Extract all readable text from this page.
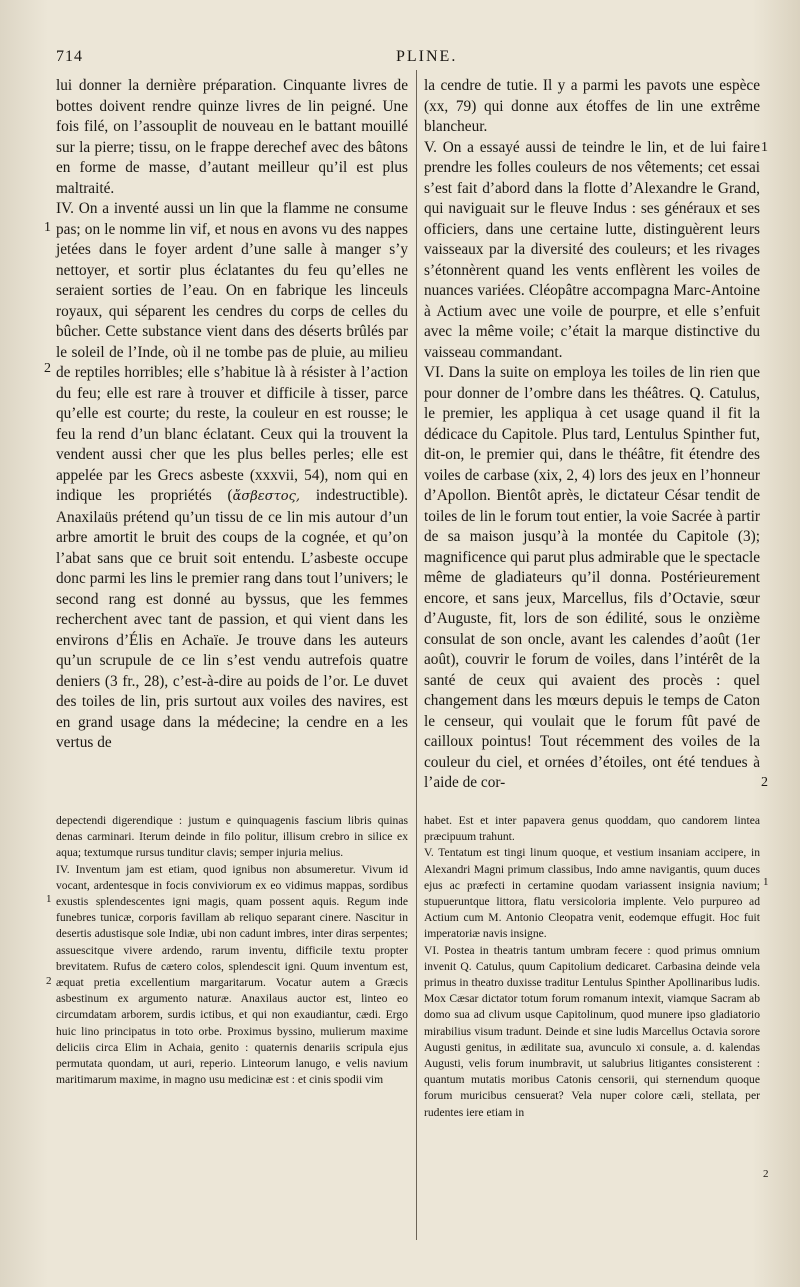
714	PLINE.

lui donner la dernière préparation. Cinquante livres de bottes doivent rendre quinze livres de lin peigné. Une fois filé, on l’assouplit de nouveau en le battant mouillé sur la pierre; tissu, on le frappe derechef avec des bâtons en forme de masse, d’autant meilleur qu’il est plus maltraité.

IV. On a inventé aussi un lin que la flamme ne consume pas; on le nomme lin vif, et nous en avons vu des nappes jetées dans le foyer ardent d’une salle à manger s’y nettoyer, et sortir plus éclatantes du feu qu’elles ne seraient sorties de l’eau. On en fabrique les linceuls royaux, qui séparent les cendres du corps de celles du bûcher. Cette substance vient dans des déserts brûlés par le soleil de l’Inde, où il ne tombe pas de pluie, au milieu de reptiles horribles; elle s’habitue là à résister à l’action du feu; elle est rare à trouver et difficile à tisser, parce qu’elle est courte; du reste, la couleur en est rousse; le feu la rend d’un blanc éclatant. Ceux qui la trouvent la vendent aussi cher que les plus belles perles; elle est appelée par les Grecs asbeste (xxxvii, 54), nom qui en indique les propriétés (ἄσβεστος, indestructible). Anaxilaüs prétend qu’un tissu de ce lin mis autour d’un arbre amortit le bruit des coups de la cognée, et qu’on l’abat sans que ce bruit soit entendu. L’asbeste occupe donc parmi les lins le premier rang dans tout l’univers; le second rang est donné au byssus, que les femmes recherchent avec tant de passion, et qui vient dans les environs d’Élis en Achaïe. Je trouve dans les auteurs qu’un scrupule de ce lin s’est vendu autrefois quatre deniers (3 fr., 28), c’est-à-dire au poids de l’or. Le duvet des toiles de lin, pris surtout aux voiles des navires, est en grand usage dans la médecine; la cendre en a les vertus de

la cendre de tutie. Il y a parmi les pavots une espèce (xx, 79) qui donne aux étoffes de lin une extrême blancheur.

V. On a essayé aussi de teindre le lin, et de lui faire prendre les folles couleurs de nos vêtements; cet essai s’est fait d’abord dans la flotte d’Alexandre le Grand, qui naviguait sur le fleuve Indus : ses généraux et ses officiers, dans une certaine lutte, distinguèrent leurs vaisseaux par la diversité des couleurs; et les rivages s’étonnèrent quand les vents enflèrent les voiles de nuances variées. Cléopâtre accompagna Marc-Antoine à Actium avec une voile de pourpre, et elle s’enfuit avec la même voile; c’était la marque distinctive du vaisseau commandant.

VI. Dans la suite on employa les toiles de lin rien que pour donner de l’ombre dans les théâtres. Q. Catulus, le premier, les appliqua à cet usage quand il fit la dédicace du Capitole. Plus tard, Lentulus Spinther fut, dit-on, le premier qui, dans le théâtre, fit étendre des voiles de carbase (xix, 2, 4) lors des jeux en l’honneur d’Apollon. Bientôt après, le dictateur César tendit de toiles de lin le forum tout entier, la voie Sacrée à partir de sa maison jusqu’à la montée du Capitole (3); magnificence qui parut plus admirable que le spectacle même de gladiateurs qu’il donna. Postérieurement encore, et sans jeux, Marcellus, fils d’Octavie, sœur d’Auguste, fit, lors de son édilité, sous le onzième consulat de son oncle, avant les calendes d’août (1er août), couvrir le forum de voiles, dans l’intérêt de la santé de ceux qui avaient des procès : quel changement dans les mœurs depuis le temps de Caton le censeur, qui voulait que le forum fût pavé de cailloux pointus! Tout récemment des voiles de la couleur du ciel, et ornées d’étoiles, ont été tendues à l’aide de cor-

1
2
1
2

depectendi digerendique : justum e quinquagenis fascium libris quinas denas carminari. Iterum deinde in filo politur, illisum crebro in silice ex aqua; textumque rursus tunditur clavis; semper injuria melius.

IV. Inventum jam est etiam, quod ignibus non absumeretur. Vivum id vocant, ardentesque in focis conviviorum ex eo vidimus mappas, sordibus exustis splendescentes igni magis, quam possent aquis. Regum inde funebres tunicæ, corporis favillam ab reliquo separant cinere. Nascitur in desertis adustisque sole Indiæ, ubi non cadunt imbres, inter diras serpentes; assuescitque vivere ardendo, rarum inventu, difficile textu propter brevitatem. Rufus de cætero colos, splendescit igni. Quum inventum est, æquat pretia excellentium margaritarum. Vocatur autem a Græcis asbestinum ex argumento naturæ. Anaxilaus auctor est, linteo eo circumdatam arborem, surdis ictibus, et qui non exaudiantur, cædi. Ergo huic lino principatus in toto orbe. Proximus byssino, mulierum maxime deliciis circa Elim in Achaia, genito : quaternis denariis scripula ejus permutata quondam, ut auri, reperio. Linteorum lanugo, e velis navium maritimarum maxime, in magno usu medicinæ est : et cinis spodii vim

habet. Est et inter papavera genus quoddam, quo candorem lintea præcipuum trahunt.

V. Tentatum est tingi linum quoque, et vestium insaniam accipere, in Alexandri Magni primum classibus, Indo amne navigantis, quum duces ejus ac præfecti in certamine quodam variassent insignia navium; stupueruntque littora, flatu versicoloria implente. Velo purpureo ad Actium cum M. Antonio Cleopatra venit, eodemque effugit. Hoc fuit imperatoriæ navis insigne.

VI. Postea in theatris tantum umbram fecere : quod primus omnium invenit Q. Catulus, quum Capitolium dedicaret. Carbasina deinde vela primus in theatro duxisse traditur Lentulus Spinther Apollinaribus ludis. Mox Cæsar dictator totum forum romanum intexit, viamque Sacram ab domo sua ad clivum usque Capitolinum, quod munere ipso gladiatorio mirabilius visum tradunt. Deinde et sine ludis Marcellus Octavia sorore Augusti genitus, in ædilitate sua, avunculo xi consule, a. d. kalendas Augusti, velis forum inumbravit, ut salubrius litigantes consisterent : quantum mutatis moribus Catonis censorii, qui sternendum quoque forum muricibus censuerat? Vela nuper colore cæli, stellata, per rudentes iere etiam in

1
2
1
2
